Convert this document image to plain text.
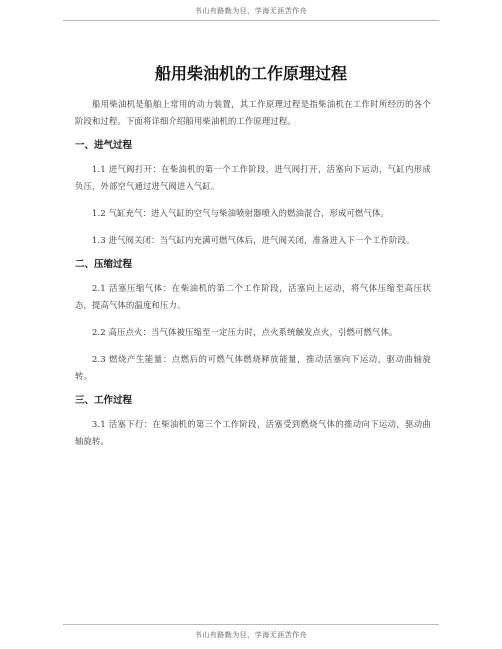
书山有路勤为径，学海无涯苦作舟
船用柴油机的工作原理过程

船用柴油机是船舶上常用的动力装置，其工作原理过程是指柴油机在工作时所经历的各个阶段和过程。下面将详细介绍船用柴油机的工作原理过程。

一、进气过程

1.1 进气阀打开：在柴油机的第一个工作阶段，进气阀打开，活塞向下运动，气缸内形成负压，外部空气通过进气阀进入气缸。

1.2 气缸充气：进入气缸的空气与柴油喷射器喷入的燃油混合，形成可燃气体。

1.3 进气阀关闭：当气缸内充满可燃气体后，进气阀关闭，准备进入下一个工作阶段。

二、压缩过程

2.1 活塞压缩气体：在柴油机的第二个工作阶段，活塞向上运动，将气体压缩至高压状态，提高气体的温度和压力。

2.2 高压点火：当气体被压缩至一定压力时，点火系统触发点火，引燃可燃气体。

2.3 燃烧产生能量：点燃后的可燃气体燃烧释放能量，推动活塞向下运动，驱动曲轴旋转。

三、工作过程

3.1 活塞下行：在柴油机的第三个工作阶段，活塞受到燃烧气体的推动向下运动，驱动曲轴旋转。

书山有路勤为径，学海无涯苦作舟
